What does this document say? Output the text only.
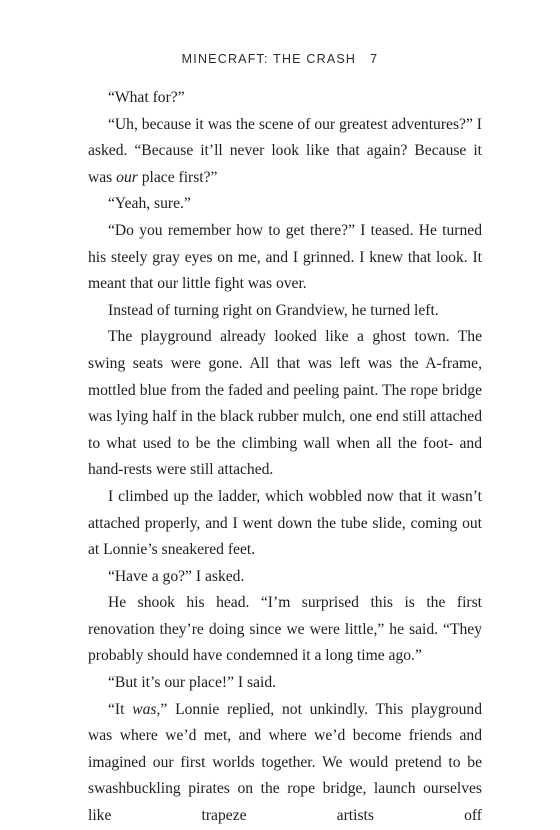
MINECRAFT: THE CRASH 7

“What for?”

“Uh, because it was the scene of our greatest adventures?” I asked. “Because it’ll never look like that again? Because it was our place first?”

“Yeah, sure.”

“Do you remember how to get there?” I teased. He turned his steely gray eyes on me, and I grinned. I knew that look. It meant that our little fight was over.

Instead of turning right on Grandview, he turned left.

The playground already looked like a ghost town. The swing seats were gone. All that was left was the A-frame, mottled blue from the faded and peeling paint. The rope bridge was lying half in the black rubber mulch, one end still attached to what used to be the climbing wall when all the foot- and hand-rests were still attached.

I climbed up the ladder, which wobbled now that it wasn’t attached properly, and I went down the tube slide, coming out at Lonnie’s sneakered feet.

“Have a go?” I asked.

He shook his head. “I’m surprised this is the first renovation they’re doing since we were little,” he said. “They probably should have condemned it a long time ago.”

“But it’s our place!” I said.

“It was,” Lonnie replied, not unkindly. This playground was where we’d met, and where we’d become friends and imagined our first worlds together. We would pretend to be swashbuckling pirates on the rope bridge, launch ourselves like trapeze artists off
